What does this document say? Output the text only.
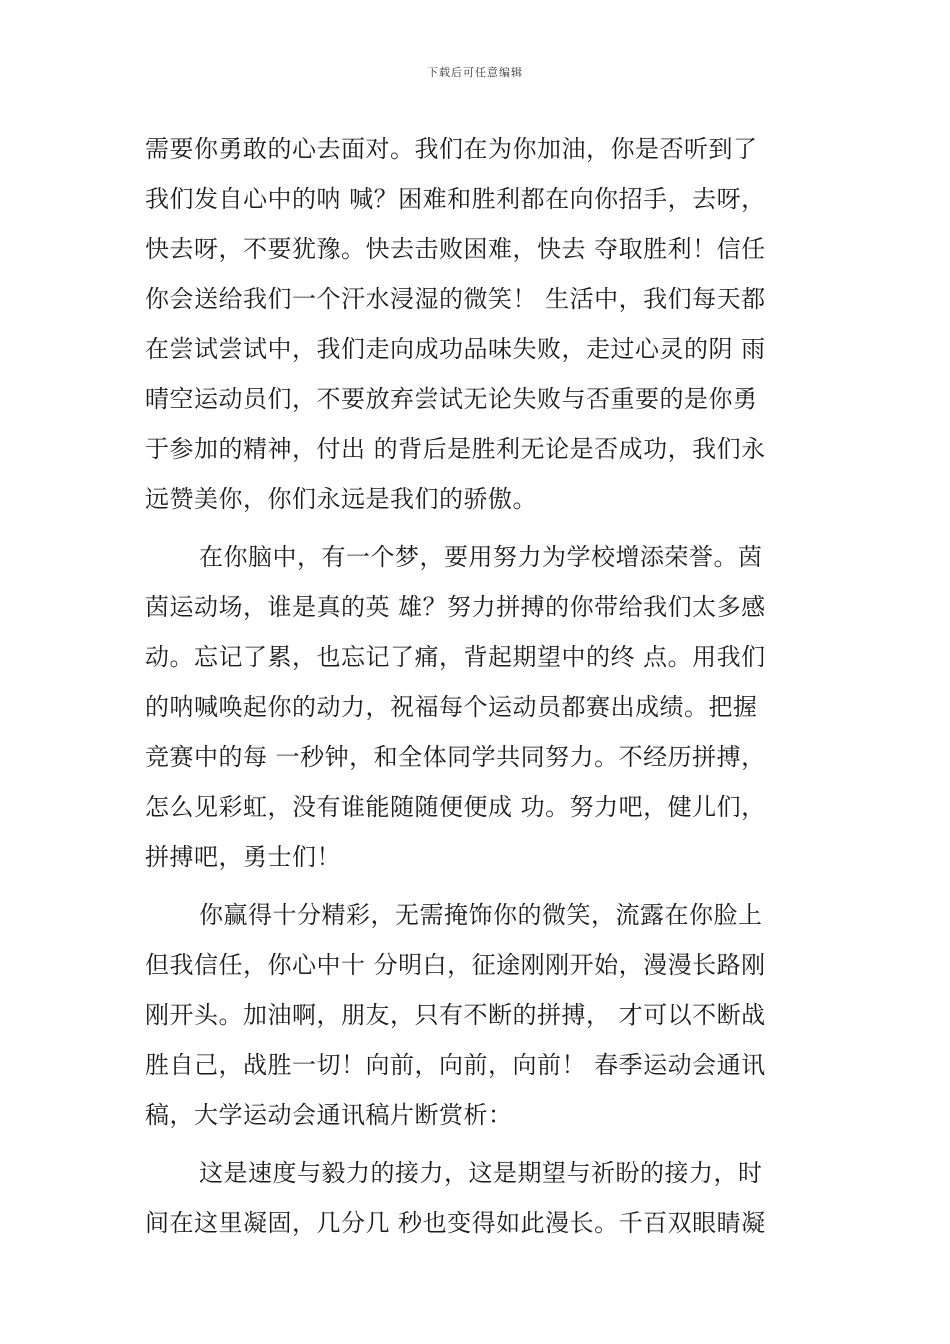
下载后可任意编辑
需要你勇敢的心去面对。我们在为你加油，你是否听到了
我们发自心中的呐 喊？困难和胜利都在向你招手，去呀，
快去呀，不要犹豫。快去击败困难，快去 夺取胜利！信任
你会送给我们一个汗水浸湿的微笑！ 生活中，我们每天都
在尝试尝试中，我们走向成功品味失败，走过心灵的阴 雨
晴空运动员们，不要放弃尝试无论失败与否重要的是你勇
于参加的精神，付出 的背后是胜利无论是否成功，我们永
远赞美你，你们永远是我们的骄傲。
在你脑中，有一个梦，要用努力为学校增添荣誉。茵
茵运动场，谁是真的英 雄？努力拼搏的你带给我们太多感
动。忘记了累，也忘记了痛，背起期望中的终 点。用我们
的呐喊唤起你的动力，祝福每个运动员都赛出成绩。把握
竞赛中的每 一秒钟，和全体同学共同努力。不经历拼搏，
怎么见彩虹，没有谁能随随便便成 功。努力吧，健儿们，
拼搏吧，勇士们！
你赢得十分精彩，无需掩饰你的微笑，流露在你脸上
但我信任，你心中十 分明白，征途刚刚开始，漫漫长路刚
刚开头。加油啊，朋友，只有不断的拼搏， 才可以不断战
胜自己，战胜一切！向前，向前，向前！ 春季运动会通讯
稿，大学运动会通讯稿片断赏析：
这是速度与毅力的接力，这是期望与祈盼的接力，时
间在这里凝固，几分几 秒也变得如此漫长。千百双眼睛凝
